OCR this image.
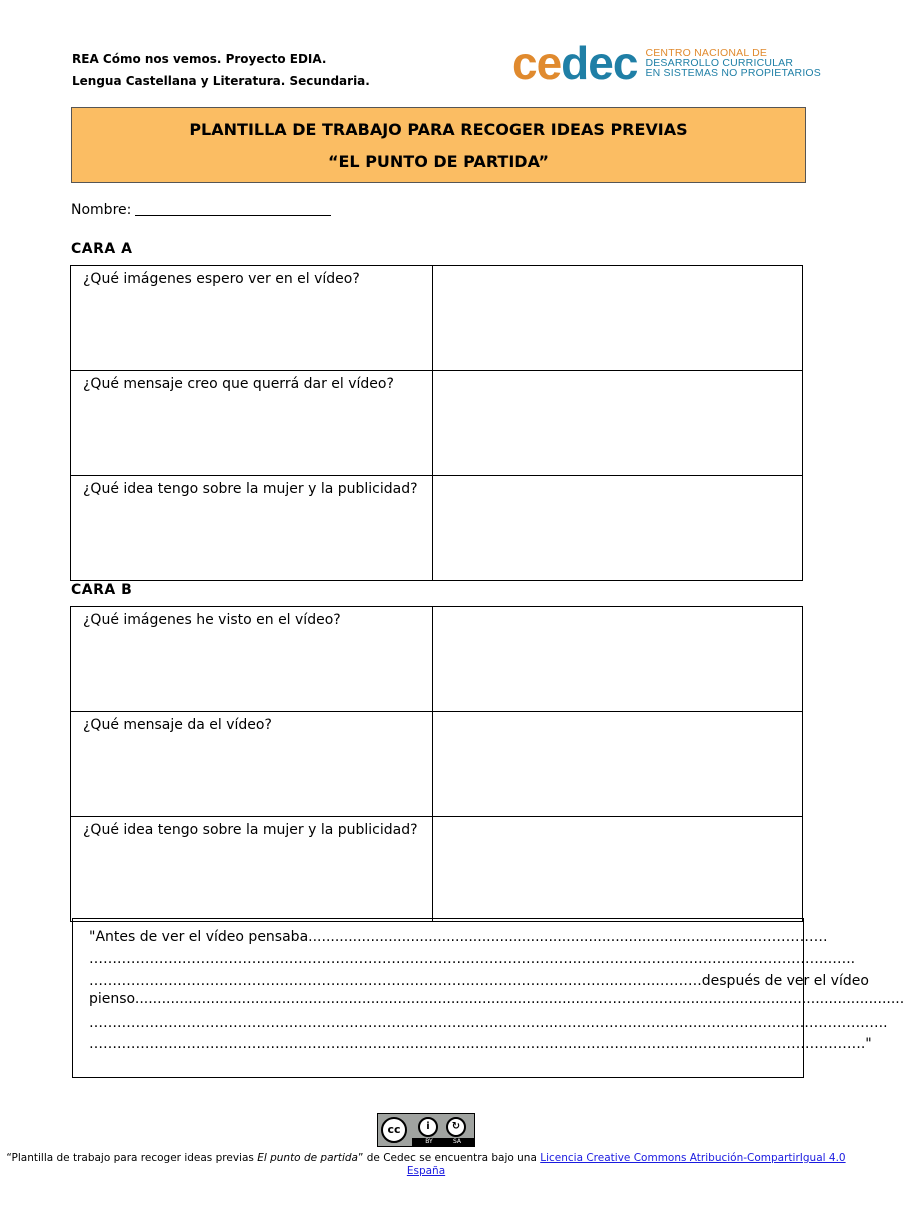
REA Cómo nos vemos. Proyecto EDIA.
Lengua Castellana y Literatura. Secundaria.	cedec CENTRO NACIONAL DE
DESARROLLO CURRICULAR
EN SISTEMAS NO PROPIETARIOS
PLANTILLA DE TRABAJO PARA RECOGER IDEAS PREVIAS
“EL PUNTO DE PARTIDA”
Nombre:
CARA A
¿Qué imágenes espero ver en el vídeo?	
¿Qué mensaje creo que querrá dar el vídeo?	
¿Qué idea tengo sobre la mujer y la publicidad?	
CARA B
¿Qué imágenes he visto en el vídeo?	
¿Qué mensaje da el vídeo?	
¿Qué idea tengo sobre la mujer y la publicidad?	
"Antes de ver el vídeo pensaba.....................................................................................................……………
…….………….……….………….………….………….………….………….……….………….………….……….………….…...…..
…….………….……….………….………….………….………….………….……….……...……..……….después de ver el vídeo
pienso.....................................................................................................…………….…....................................................
…….………….……….………….………….………….………….………….…...…….……….………….………….……….………….…..
…….………….……….………….………….………….………….………….……….………….………….……….………….…………."
cc	i	↻
BY	SA
“Plantilla de trabajo para recoger ideas previas El punto de partida” de Cedec se encuentra bajo una Licencia Creative Commons Atribución-CompartirIgual 4.0 España
